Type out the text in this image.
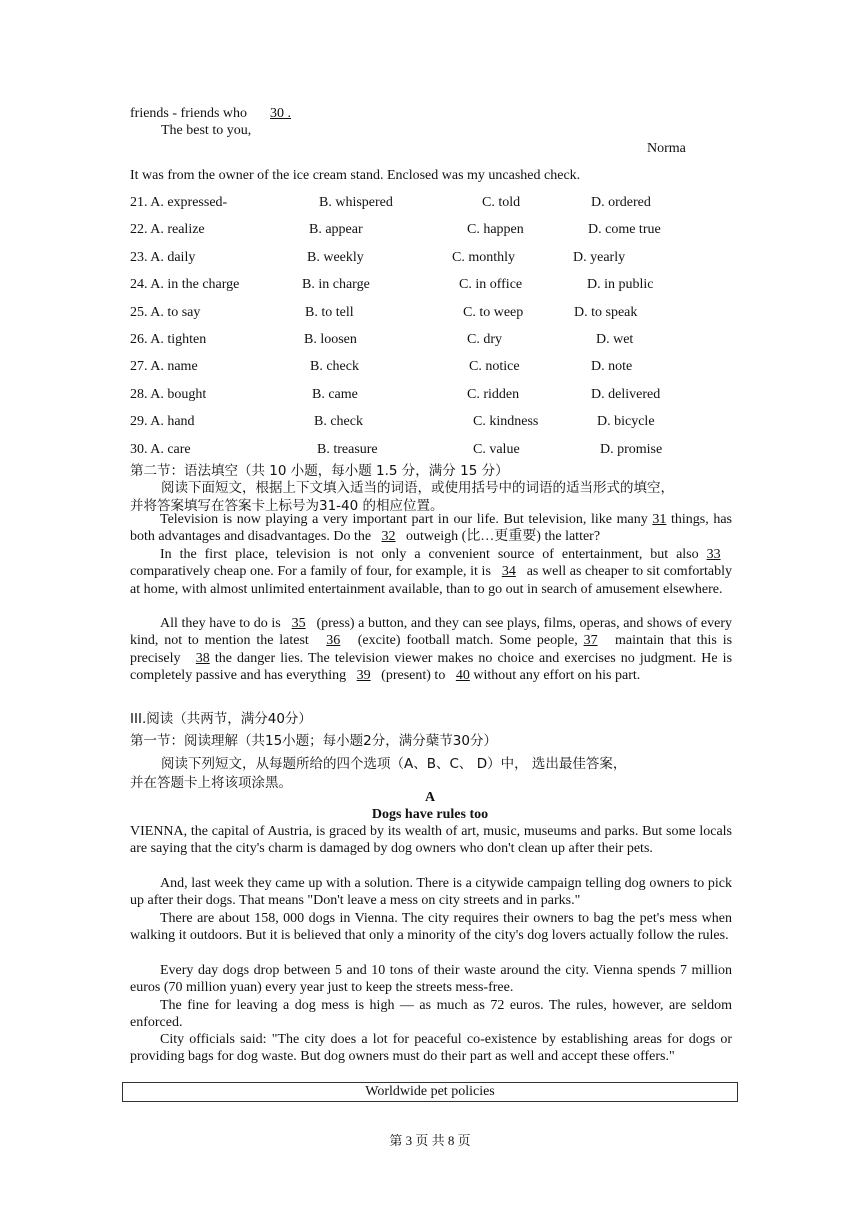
friends - friends who 30 .
The best to you,
Norma
It was from the owner of the ice cream stand. Enclosed was my uncashed check.
21. A. expressed-	B. whispered	C. told	D. ordered
22. A. realize	B. appear	C. happen	D. come true
23. A. daily	B. weekly	C. monthly	D. yearly
24. A. in the charge	B. in charge	C. in office	D. in public
25. A. to say	B. to tell	C. to weep	D. to speak
26. A. tighten	B. loosen	C. dry	D. wet
27. A. name	B. check	C. notice	D. note
28. A. bought	B. came	C. ridden	D. delivered
29. A. hand	B. check	C. kindness	D. bicycle
30. A. care	B. treasure	C. value	D. promise
第二节：语法填空（共 10 小题，每小题 1.5 分，满分 15 分）
阅读下面短文，根据上下文填入适当的词语，或使用括号中的词语的适当形式的填空，
并将答案填写在答案卡上标号为31-40 的相应位置。
Television is now playing a very important part in our life. But television, like many 31 things, has both advantages and disadvantages. Do the 32 outweigh (比…更重要) the latter?
In the first place, television is not only a convenient source of entertainment, but also 33   comparatively cheap one. For a family of four, for example, it is 34 as well as cheaper to sit comfortably at home, with almost unlimited entertainment available, than to go out in search of amusement elsewhere.
All they have to do is 35 (press) a button, and they can see plays, films, operas, and shows of every kind, not to mention the latest 36 (excite) football match. Some people, 37 maintain that this is precisely 38 the danger lies. The television viewer makes no choice and exercises no judgment. He is completely passive and has everything 39 (present) to 40 without any effort on his part.
III.阅读（共两节，满分40分）
第一节：阅读理解（共15小题；每小题2分，满分蘖节30分）
阅读下列短文，从每题所给的四个选项（A、B、C、 D）中， 选出最佳答案，
并在答题卡上将该项涂黑。
A
Dogs have rules too
VIENNA, the capital of Austria, is graced by its wealth of art, music, museums and parks. But some locals are saying that the city's charm is damaged by dog owners who don't clean up after their pets.
And, last week they came up with a solution. There is a citywide campaign telling dog owners to pick up after their dogs. That means "Don't leave a mess on city streets and in parks."
There are about 158, 000 dogs in Vienna. The city requires their owners to bag the pet's mess when walking it outdoors. But it is believed that only a minority of the city's dog lovers actually follow the rules.
Every day dogs drop between 5 and 10 tons of their waste around the city. Vienna spends 7 million euros (70 million yuan) every year just to keep the streets mess-free.
The fine for leaving a dog mess is high — as much as 72 euros. The rules, however, are seldom enforced.
City officials said: "The city does a lot for peaceful co-existence by establishing areas for dogs or providing bags for dog waste. But dog owners must do their part as well and accept these offers."
Worldwide pet policies
第 3 页 共 8 页
